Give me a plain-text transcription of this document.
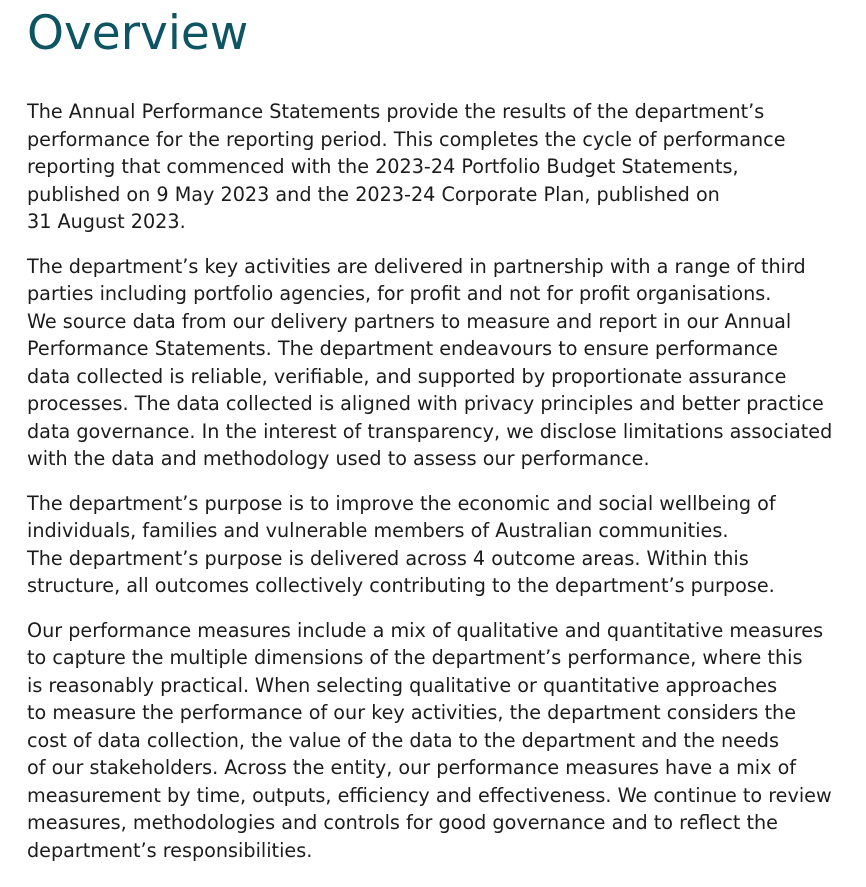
Overview

The Annual Performance Statements provide the results of the department’s
performance for the reporting period. This completes the cycle of performance
reporting that commenced with the 2023-24 Portfolio Budget Statements,
published on 9 May 2023 and the 2023-24 Corporate Plan, published on
31 August 2023.

The department’s key activities are delivered in partnership with a range of third
parties including portfolio agencies, for profit and not for profit organisations.
We source data from our delivery partners to measure and report in our Annual
Performance Statements. The department endeavours to ensure performance
data collected is reliable, verifiable, and supported by proportionate assurance
processes. The data collected is aligned with privacy principles and better practice
data governance. In the interest of transparency, we disclose limitations associated
with the data and methodology used to assess our performance.

The department’s purpose is to improve the economic and social wellbeing of
individuals, families and vulnerable members of Australian communities.
The department’s purpose is delivered across 4 outcome areas. Within this
structure, all outcomes collectively contributing to the department’s purpose.

Our performance measures include a mix of qualitative and quantitative measures
to capture the multiple dimensions of the department’s performance, where this
is reasonably practical. When selecting qualitative or quantitative approaches
to measure the performance of our key activities, the department considers the
cost of data collection, the value of the data to the department and the needs
of our stakeholders. Across the entity, our performance measures have a mix of
measurement by time, outputs, efficiency and effectiveness. We continue to review
measures, methodologies and controls for good governance and to reflect the
department’s responsibilities.
